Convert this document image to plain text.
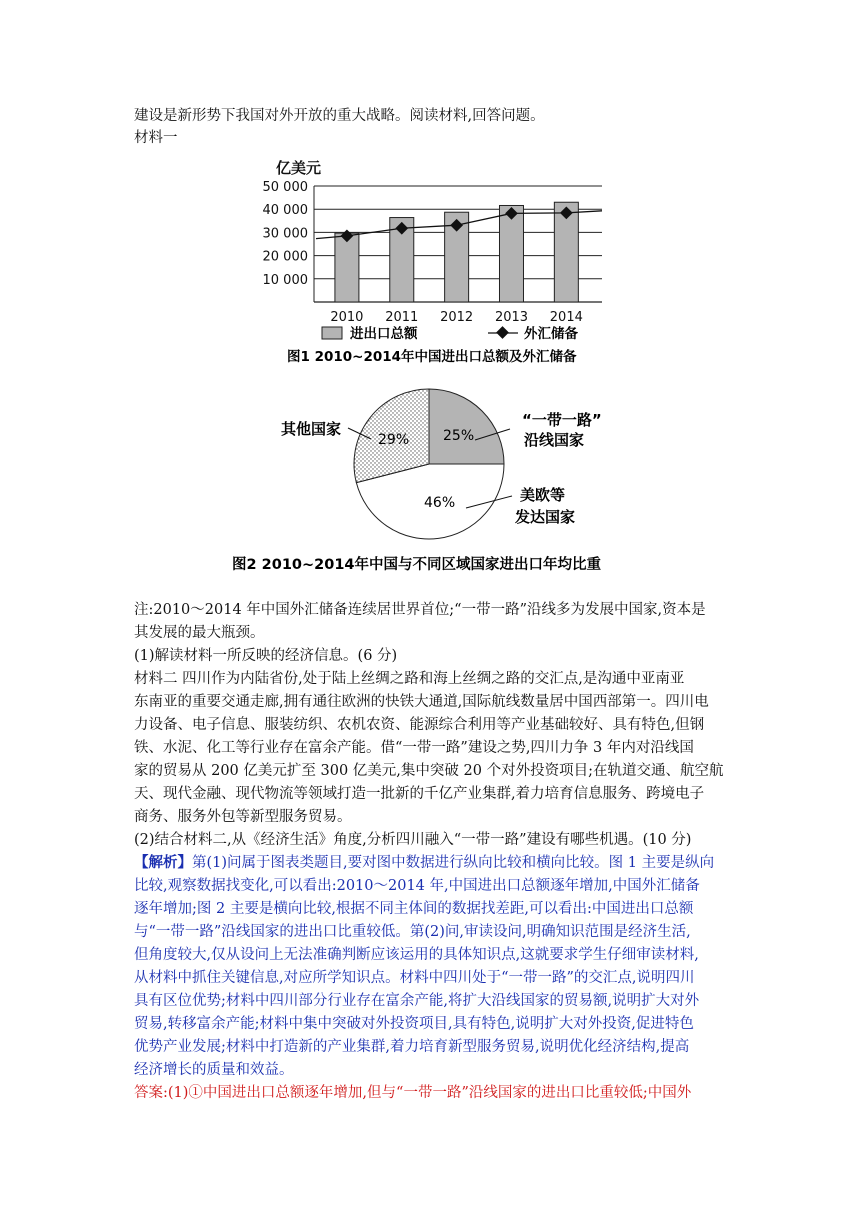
建设是新形势下我国对外开放的重大战略。阅读材料,回答问题。
材料一
亿美元
10 000
20 000
30 000
40 000
50 000
2010 2011 2012 2013 2014
进出口总额	外汇储备
图1 2010~2014年中国进出口总额及外汇储备
25%
46%
29%
“一带一路”
沿线国家
美欧等
发达国家
其他国家
图2 2010~2014年中国与不同区域国家进出口年均比重
注:2010～2014 年中国外汇储备连续居世界首位;“一带一路”沿线多为发展中国家,资本是
其发展的最大瓶颈。
(1)解读材料一所反映的经济信息。(6 分)
材料二 四川作为内陆省份,处于陆上丝绸之路和海上丝绸之路的交汇点,是沟通中亚南亚
东南亚的重要交通走廊,拥有通往欧洲的快铁大通道,国际航线数量居中国西部第一。四川电
力设备、电子信息、服装纺织、农机农资、能源综合利用等产业基础较好、具有特色,但钢
铁、水泥、化工等行业存在富余产能。借“一带一路”建设之势,四川力争 3 年内对沿线国
家的贸易从 200 亿美元扩至 300 亿美元,集中突破 20 个对外投资项目;在轨道交通、航空航
天、现代金融、现代物流等领域打造一批新的千亿产业集群,着力培育信息服务、跨境电子
商务、服务外包等新型服务贸易。
(2)结合材料二,从《经济生活》角度,分析四川融入“一带一路”建设有哪些机遇。(10 分)
【解析】第(1)问属于图表类题目,要对图中数据进行纵向比较和横向比较。图 1 主要是纵向
比较,观察数据找变化,可以看出:2010～2014 年,中国进出口总额逐年增加,中国外汇储备
逐年增加;图 2 主要是横向比较,根据不同主体间的数据找差距,可以看出:中国进出口总额
与“一带一路”沿线国家的进出口比重较低。第(2)问,审读设问,明确知识范围是经济生活,
但角度较大,仅从设问上无法准确判断应该运用的具体知识点,这就要求学生仔细审读材料,
从材料中抓住关键信息,对应所学知识点。材料中四川处于“一带一路”的交汇点,说明四川
具有区位优势;材料中四川部分行业存在富余产能,将扩大沿线国家的贸易额,说明扩大对外
贸易,转移富余产能;材料中集中突破对外投资项目,具有特色,说明扩大对外投资,促进特色
优势产业发展;材料中打造新的产业集群,着力培育新型服务贸易,说明优化经济结构,提高
经济增长的质量和效益。
答案:(1)①中国进出口总额逐年增加,但与“一带一路”沿线国家的进出口比重较低;中国外
